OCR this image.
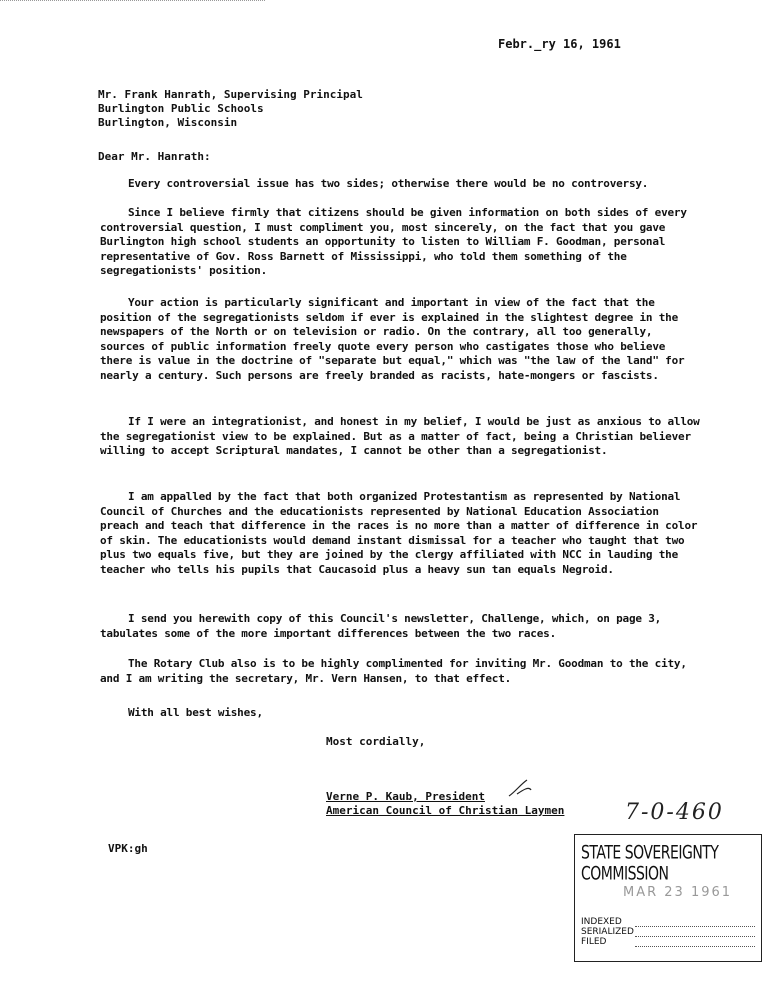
Febr._ry 16, 1961
Mr. Frank Hanrath, Supervising Principal
Burlington Public Schools
Burlington, Wisconsin
Dear Mr. Hanrath:
Every controversial issue has two sides; otherwise there would be no controversy.
Since I believe firmly that citizens should be given information on both sides of every controversial question, I must compliment you, most sincerely, on the fact that you gave Burlington high school students an opportunity to listen to William F. Goodman, personal representative of Gov. Ross Barnett of Mississippi, who told them something of the segregationists' position.
Your action is particularly significant and important in view of the fact that the position of the segregationists seldom if ever is explained in the slightest degree in the newspapers of the North or on television or radio. On the contrary, all too generally, sources of public information freely quote every person who castigates those who believe there is value in the doctrine of "separate but equal," which was "the law of the land" for nearly a century. Such persons are freely branded as racists, hate-mongers or fascists.
If I were an integrationist, and honest in my belief, I would be just as anxious to allow the segregationist view to be explained. But as a matter of fact, being a Christian believer willing to accept Scriptural mandates, I cannot be other than a segregationist.
I am appalled by the fact that both organized Protestantism as represented by National Council of Churches and the educationists represented by National Education Association preach and teach that difference in the races is no more than a matter of difference in color of skin. The educationists would demand instant dismissal for a teacher who taught that two plus two equals five, but they are joined by the clergy affiliated with NCC in lauding the teacher who tells his pupils that Caucasoid plus a heavy sun tan equals Negroid.
I send you herewith copy of this Council's newsletter, Challenge, which, on page 3, tabulates some of the more important differences between the two races.
The Rotary Club also is to be highly complimented for inviting Mr. Goodman to the city, and I am writing the secretary, Mr. Vern Hansen, to that effect.
With all best wishes,
Most cordially,
Verne P. Kaub, President
American Council of Christian Laymen	7-0-460
VPK:gh	STATE SOVEREIGNTY COMMISSION
MAR 23 1961
INDEXED
SERIALIZED
FILED
